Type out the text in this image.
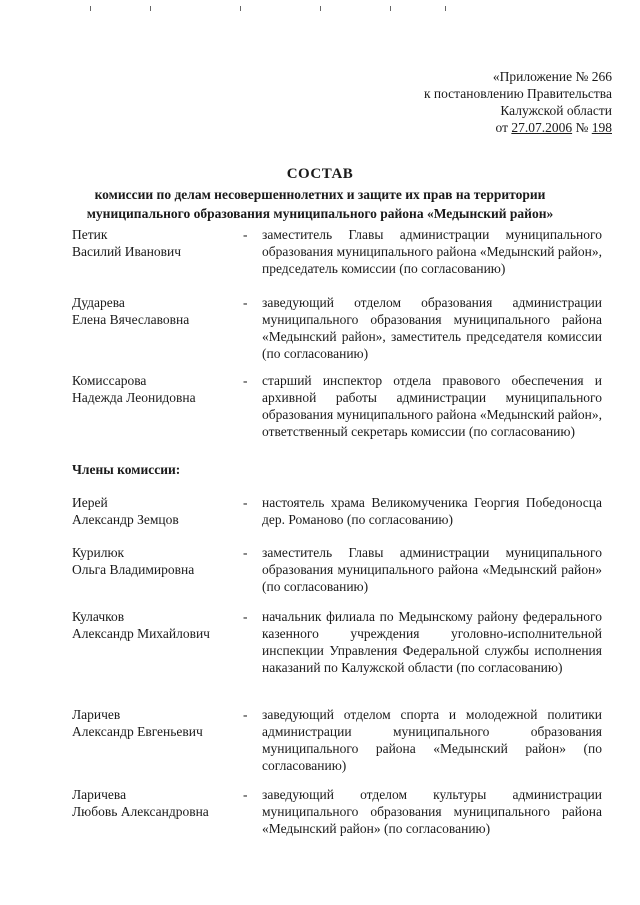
«Приложение № 266
к постановлению Правительства
Калужской области
от 27.07.2006 № 198
СОСТАВ
комиссии по делам несовершеннолетних и защите их прав на территории
муниципального образования муниципального района «Медынский район»
Петик
Василий Иванович
-	заместитель Главы администрации муниципального образования муниципального района «Медынский район», председатель комиссии (по согласованию)
Дударева
Елена Вячеславовна
-	заведующий отделом образования администрации муниципального образования муниципального района «Медынский район», заместитель председателя комиссии (по согласованию)
Комиссарова
Надежда Леонидовна
-	старший инспектор отдела правового обеспечения и архивной работы администрации муниципального образования муниципального района «Медынский район», ответственный секретарь комиссии (по согласованию)
Члены комиссии:
Иерей
Александр Земцов
-	настоятель храма Великомученика Георгия Победоносца дер. Романово (по согласованию)
Курилюк
Ольга Владимировна
-	заместитель Главы администрации муниципального образования муниципального района «Медынский район» (по согласованию)
Кулачков
Александр Михайлович
-	начальник филиала по Медынскому району федерального казенного учреждения уголовно-исполнительной инспекции Управления Федеральной службы исполнения наказаний по Калужской области (по согласованию)
Ларичев
Александр Евгеньевич
-	заведующий отделом спорта и молодежной политики администрации муниципального образования муниципального района «Медынский район» (по согласованию)
Ларичева
Любовь Александровна
-	заведующий отделом культуры администрации муниципального образования муниципального района «Медынский район» (по согласованию)
